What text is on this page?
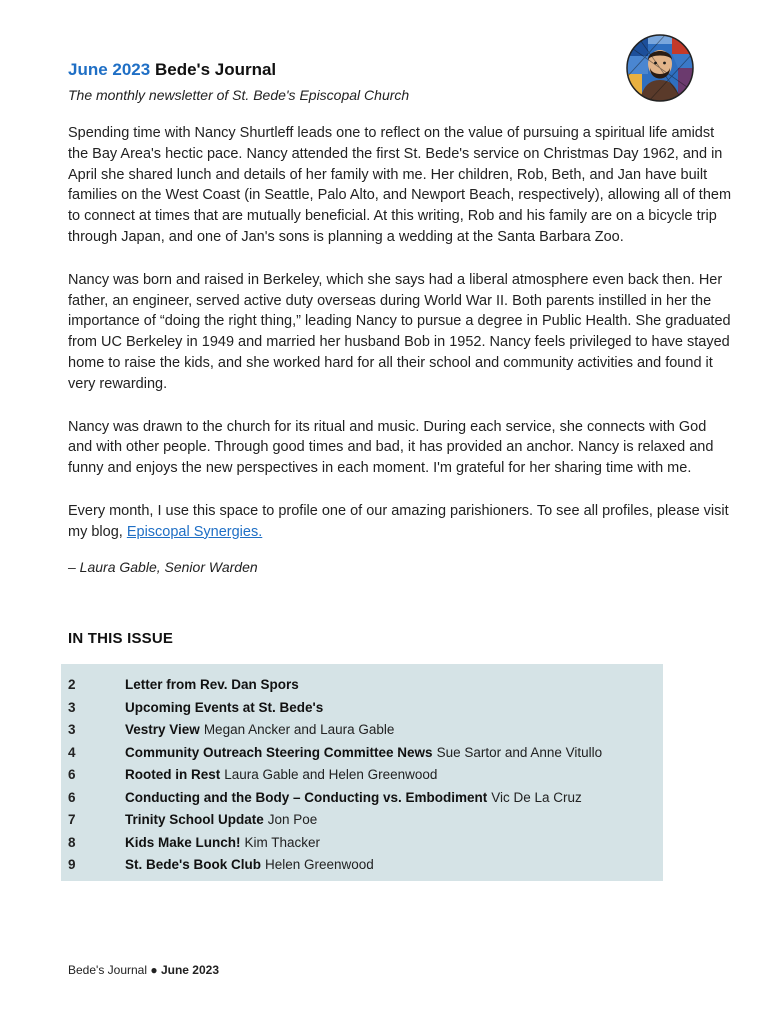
June 2023 Bede's Journal
The monthly newsletter of St. Bede's Episcopal Church

Spending time with Nancy Shurtleff leads one to reflect on the value of pursuing a spiritual life amidst the Bay Area's hectic pace. Nancy attended the first St. Bede's service on Christmas Day 1962, and in April she shared lunch and details of her family with me. Her children, Rob, Beth, and Jan have built families on the West Coast (in Seattle, Palo Alto, and Newport Beach, respectively), allowing all of them to connect at times that are mutually beneficial. At this writing, Rob and his family are on a bicycle trip through Japan, and one of Jan's sons is planning a wedding at the Santa Barbara Zoo.

Nancy was born and raised in Berkeley, which she says had a liberal atmosphere even back then. Her father, an engineer, served active duty overseas during World War II. Both parents instilled in her the importance of “doing the right thing,” leading Nancy to pursue a degree in Public Health. She graduated from UC Berkeley in 1949 and married her husband Bob in 1952. Nancy feels privileged to have stayed home to raise the kids, and she worked hard for all their school and community activities and found it very rewarding.

Nancy was drawn to the church for its ritual and music. During each service, she connects with God and with other people. Through good times and bad, it has provided an anchor. Nancy is relaxed and funny and enjoys the new perspectives in each moment. I'm grateful for her sharing time with me.

Every month, I use this space to profile one of our amazing parishioners. To see all profiles, please visit my blog, Episcopal Synergies.

– Laura Gable, Senior Warden

IN THIS ISSUE
2	Letter from Rev. Dan Spors
3	Upcoming Events at St. Bede's
3	Vestry View Megan Ancker and Laura Gable
4	Community Outreach Steering Committee News Sue Sartor and Anne Vitullo
6	Rooted in Rest Laura Gable and Helen Greenwood
6	Conducting and the Body – Conducting vs. Embodiment Vic De La Cruz
7	Trinity School Update Jon Poe
8	Kids Make Lunch! Kim Thacker
9	St. Bede's Book Club Helen Greenwood
Bede's Journal ● June 2023
